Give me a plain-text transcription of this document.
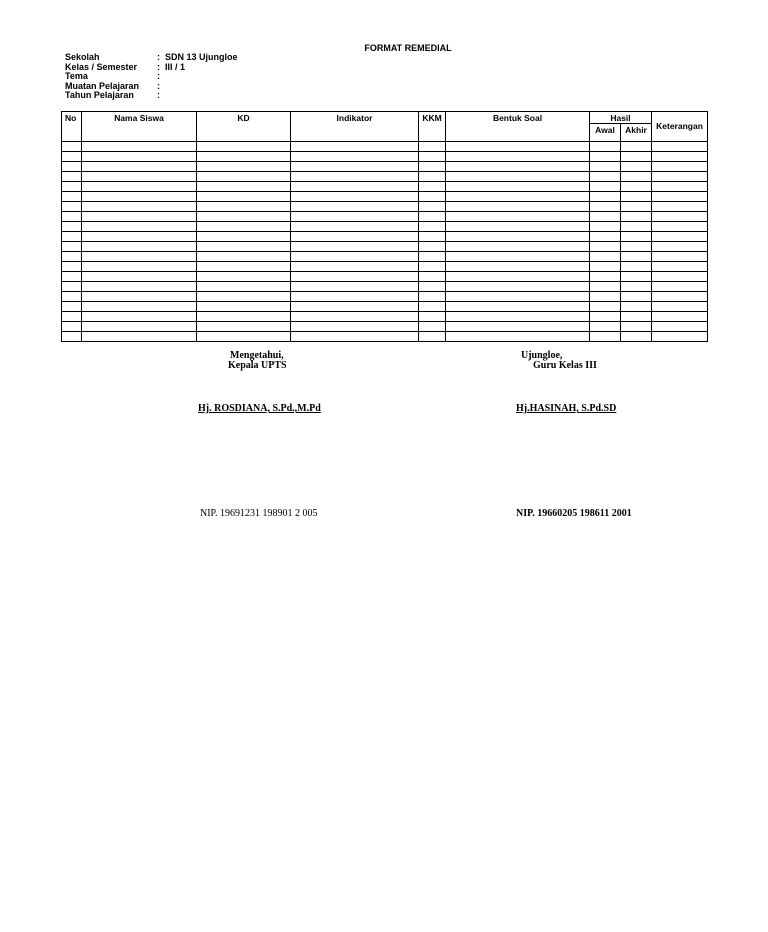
FORMAT REMEDIAL
Sekolah	: SDN 13 Ujungloe
Kelas / Semester : III / 1
Tema	:
Muatan Pelajaran :
Tahun Pelajaran	:
No	Nama Siswa	KD	Indikator	KKM	Bentuk Soal	Hasil		Keterangan
						Awal	Akhir	

Mengetahui,
Kepala UPTS
Hj. ROSDIANA, S.Pd.,M.Pd
NIP. 19691231 198901 2 005
Ujungloe,
Guru Kelas III
Hj.HASINAH, S.Pd.SD
NIP. 19660205 198611 2001
